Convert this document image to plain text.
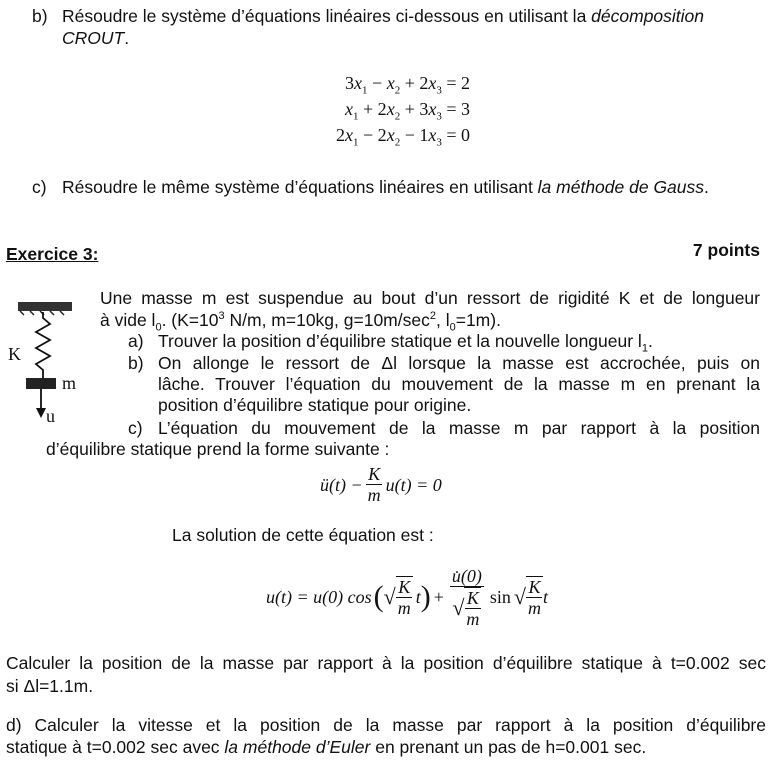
b) Résoudre le système d’équations linéaires ci-dessous en utilisant la décomposition
CROUT.
$3x_1 - x_2 + 2x_3 = 2$
$x_1 + 2x_2 + 3x_3 = 3$
$2x_1 - 2x_2 - 1x_3 = 0$
c) Résoudre le même système d’équations linéaires en utilisant la méthode de Gauss.
Exercice 3:	7 points
K
m
u
Une masse m est suspendue au bout d’un ressort de rigidité K et de longueur
à vide $l_0$. ($K=10^3$ N/m, m=10kg, $g=10m/\sec^2$, $l_0=1m$).
a) Trouver la position d’équilibre statique et la nouvelle longueur $l_1$.
b) On allonge le ressort de Δl lorsque la masse est accrochée, puis on
lâche. Trouver l’équation du mouvement de la masse m en prenant la
position d’équilibre statique pour origine.
c) L’équation du mouvement de la masse m par rapport à la position
d’équilibre statique prend la forme suivante :
ü(t) − $\frac{K}{m} u(t) = 0$
La solution de cette équation est :
u(t) = u(0) cos ( √ $\frac{K}{m}$ t ) + $\frac{u̇(0)}{√ \frac{K}{m}}$ sin √ $\frac{K}{m}$ t
Calculer la position de la masse par rapport à la position d’équilibre statique à t=0.002 sec
si Δl=1.1m.
d) Calculer la vitesse et la position de la masse par rapport à la position d’équilibre
statique à t=0.002 sec avec la méthode d’Euler en prenant un pas de h=0.001 sec.
